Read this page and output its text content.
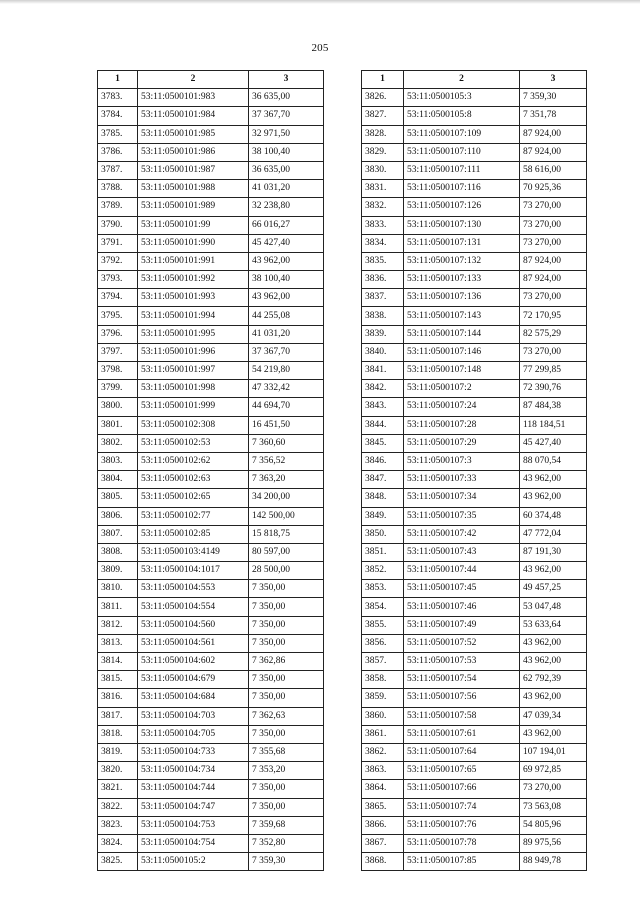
205
1	2	3
3783.	53:11:0500101:983	36 635,00
3784.	53:11:0500101:984	37 367,70
3785.	53:11:0500101:985	32 971,50
3786.	53:11:0500101:986	38 100,40
3787.	53:11:0500101:987	36 635,00
3788.	53:11:0500101:988	41 031,20
3789.	53:11:0500101:989	32 238,80
3790.	53:11:0500101:99	66 016,27
3791.	53:11:0500101:990	45 427,40
3792.	53:11:0500101:991	43 962,00
3793.	53:11:0500101:992	38 100,40
3794.	53:11:0500101:993	43 962,00
3795.	53:11:0500101:994	44 255,08
3796.	53:11:0500101:995	41 031,20
3797.	53:11:0500101:996	37 367,70
3798.	53:11:0500101:997	54 219,80
3799.	53:11:0500101:998	47 332,42
3800.	53:11:0500101:999	44 694,70
3801.	53:11:0500102:308	16 451,50
3802.	53:11:0500102:53	7 360,60
3803.	53:11:0500102:62	7 356,52
3804.	53:11:0500102:63	7 363,20
3805.	53:11:0500102:65	34 200,00
3806.	53:11:0500102:77	142 500,00
3807.	53:11:0500102:85	15 818,75
3808.	53:11:0500103:4149	80 597,00
3809.	53:11:0500104:1017	28 500,00
3810.	53:11:0500104:553	7 350,00
3811.	53:11:0500104:554	7 350,00
3812.	53:11:0500104:560	7 350,00
3813.	53:11:0500104:561	7 350,00
3814.	53:11:0500104:602	7 362,86
3815.	53:11:0500104:679	7 350,00
3816.	53:11:0500104:684	7 350,00
3817.	53:11:0500104:703	7 362,63
3818.	53:11:0500104:705	7 350,00
3819.	53:11:0500104:733	7 355,68
3820.	53:11:0500104:734	7 353,20
3821.	53:11:0500104:744	7 350,00
3822.	53:11:0500104:747	7 350,00
3823.	53:11:0500104:753	7 359,68
3824.	53:11:0500104:754	7 352,80
3825.	53:11:0500105:2	7 359,30
1	2	3
3826.	53:11:0500105:3	7 359,30
3827.	53:11:0500105:8	7 351,78
3828.	53:11:0500107:109	87 924,00
3829.	53:11:0500107:110	87 924,00
3830.	53:11:0500107:111	58 616,00
3831.	53:11:0500107:116	70 925,36
3832.	53:11:0500107:126	73 270,00
3833.	53:11:0500107:130	73 270,00
3834.	53:11:0500107:131	73 270,00
3835.	53:11:0500107:132	87 924,00
3836.	53:11:0500107:133	87 924,00
3837.	53:11:0500107:136	73 270,00
3838.	53:11:0500107:143	72 170,95
3839.	53:11:0500107:144	82 575,29
3840.	53:11:0500107:146	73 270,00
3841.	53:11:0500107:148	77 299,85
3842.	53:11:0500107:2	72 390,76
3843.	53:11:0500107:24	87 484,38
3844.	53:11:0500107:28	118 184,51
3845.	53:11:0500107:29	45 427,40
3846.	53:11:0500107:3	88 070,54
3847.	53:11:0500107:33	43 962,00
3848.	53:11:0500107:34	43 962,00
3849.	53:11:0500107:35	60 374,48
3850.	53:11:0500107:42	47 772,04
3851.	53:11:0500107:43	87 191,30
3852.	53:11:0500107:44	43 962,00
3853.	53:11:0500107:45	49 457,25
3854.	53:11:0500107:46	53 047,48
3855.	53:11:0500107:49	53 633,64
3856.	53:11:0500107:52	43 962,00
3857.	53:11:0500107:53	43 962,00
3858.	53:11:0500107:54	62 792,39
3859.	53:11:0500107:56	43 962,00
3860.	53:11:0500107:58	47 039,34
3861.	53:11:0500107:61	43 962,00
3862.	53:11:0500107:64	107 194,01
3863.	53:11:0500107:65	69 972,85
3864.	53:11:0500107:66	73 270,00
3865.	53:11:0500107:74	73 563,08
3866.	53:11:0500107:76	54 805,96
3867.	53:11:0500107:78	89 975,56
3868.	53:11:0500107:85	88 949,78
